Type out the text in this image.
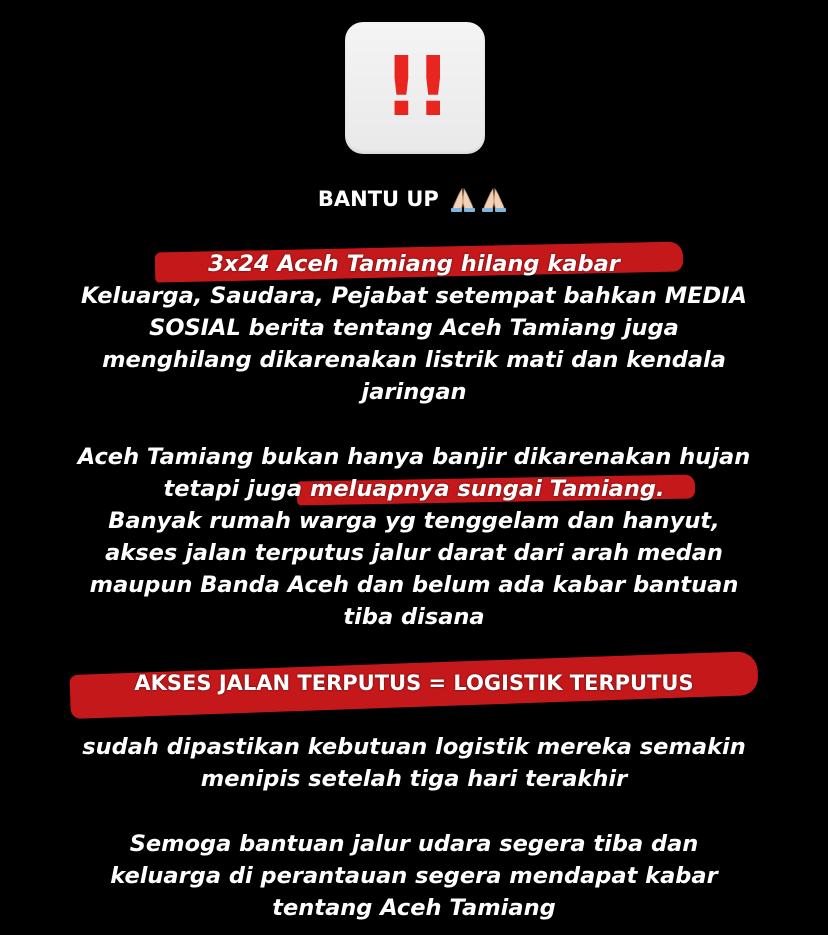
!!
BANTU UP
3x24 Aceh Tamiang hilang kabar
Keluarga, Saudara, Pejabat setempat bahkan MEDIA
SOSIAL berita tentang Aceh Tamiang juga
menghilang dikarenakan listrik mati dan kendala
jaringan
Aceh Tamiang bukan hanya banjir dikarenakan hujan
tetapi juga meluapnya sungai Tamiang.
Banyak rumah warga yg tenggelam dan hanyut,
akses jalan terputus jalur darat dari arah medan
maupun Banda Aceh dan belum ada kabar bantuan
tiba disana
AKSES JALAN TERPUTUS = LOGISTIK TERPUTUS
sudah dipastikan kebutuan logistik mereka semakin
menipis setelah tiga hari terakhir
Semoga bantuan jalur udara segera tiba dan
keluarga di perantauan segera mendapat kabar
tentang Aceh Tamiang
